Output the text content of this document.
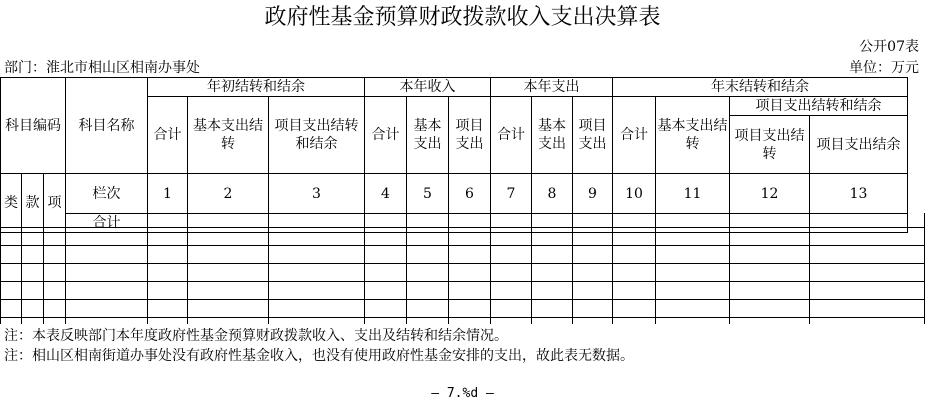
政府性基金预算财政拨款收入支出决算表
公开07表
部门：淮北市相山区相南办事处	单位：万元
科目编码			科目名称	年初结转和结余			本年收入			本年支出			年末结转和结余			
				合计	基本支出结转	项目支出结转和结余	合计	基本支出	项目支出	合计	基本支出	项目支出	合计	基本支出结转	项目支出结转和结余	
															项目支出结转	项目支出结余
类	款	项	栏次	1	2	3	4	5	6	7	8	9	10	11	12	13
			合计													
注：本表反映部门本年度政府性基金预算财政拨款收入、支出及结转和结余情况。
注：相山区相南街道办事处没有政府性基金收入，也没有使用政府性基金安排的支出，故此表无数据。
— 7.%d —
